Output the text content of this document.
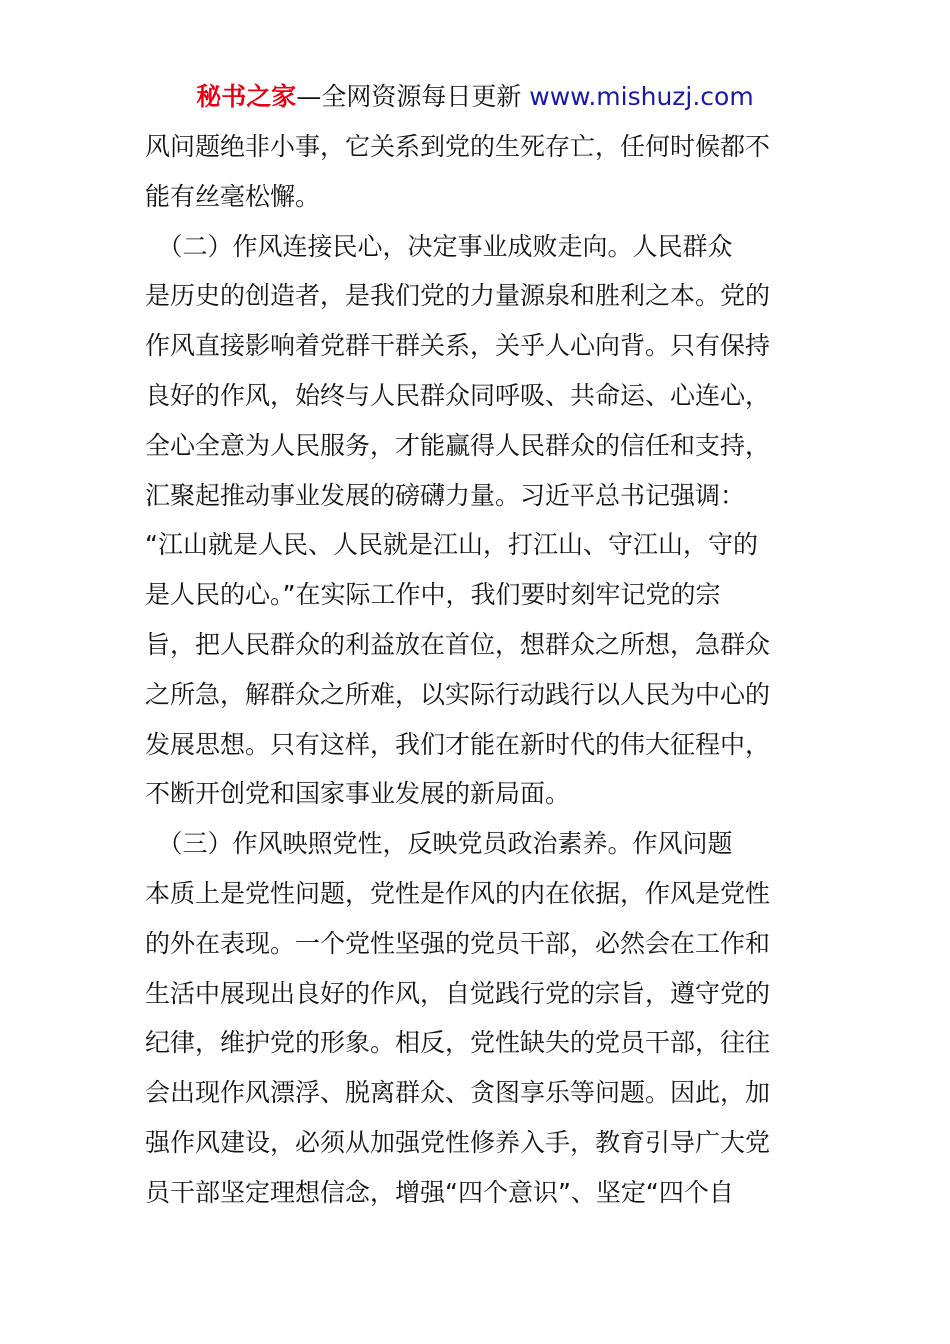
秘书之家—全网资源每日更新 www.mishuzj.com
风问题绝非小事，它关系到党的生死存亡，任何时候都不
能有丝毫松懈。
　（二）作风连接民心，决定事业成败走向。人民群众
是历史的创造者，是我们党的力量源泉和胜利之本。党的
作风直接影响着党群干群关系，关乎人心向背。只有保持
良好的作风，始终与人民群众同呼吸、共命运、心连心，
全心全意为人民服务，才能赢得人民群众的信任和支持，
汇聚起推动事业发展的磅礴力量。习近平总书记强调：
“江山就是人民、人民就是江山，打江山、守江山，守的
是人民的心。”在实际工作中，我们要时刻牢记党的宗
旨，把人民群众的利益放在首位，想群众之所想，急群众
之所急，解群众之所难，以实际行动践行以人民为中心的
发展思想。只有这样，我们才能在新时代的伟大征程中，
不断开创党和国家事业发展的新局面。
　（三）作风映照党性，反映党员政治素养。作风问题
本质上是党性问题，党性是作风的内在依据，作风是党性
的外在表现。一个党性坚强的党员干部，必然会在工作和
生活中展现出良好的作风，自觉践行党的宗旨，遵守党的
纪律，维护党的形象。相反，党性缺失的党员干部，往往
会出现作风漂浮、脱离群众、贪图享乐等问题。因此，加
强作风建设，必须从加强党性修养入手，教育引导广大党
员干部坚定理想信念，增强“四个意识”、坚定“四个自
